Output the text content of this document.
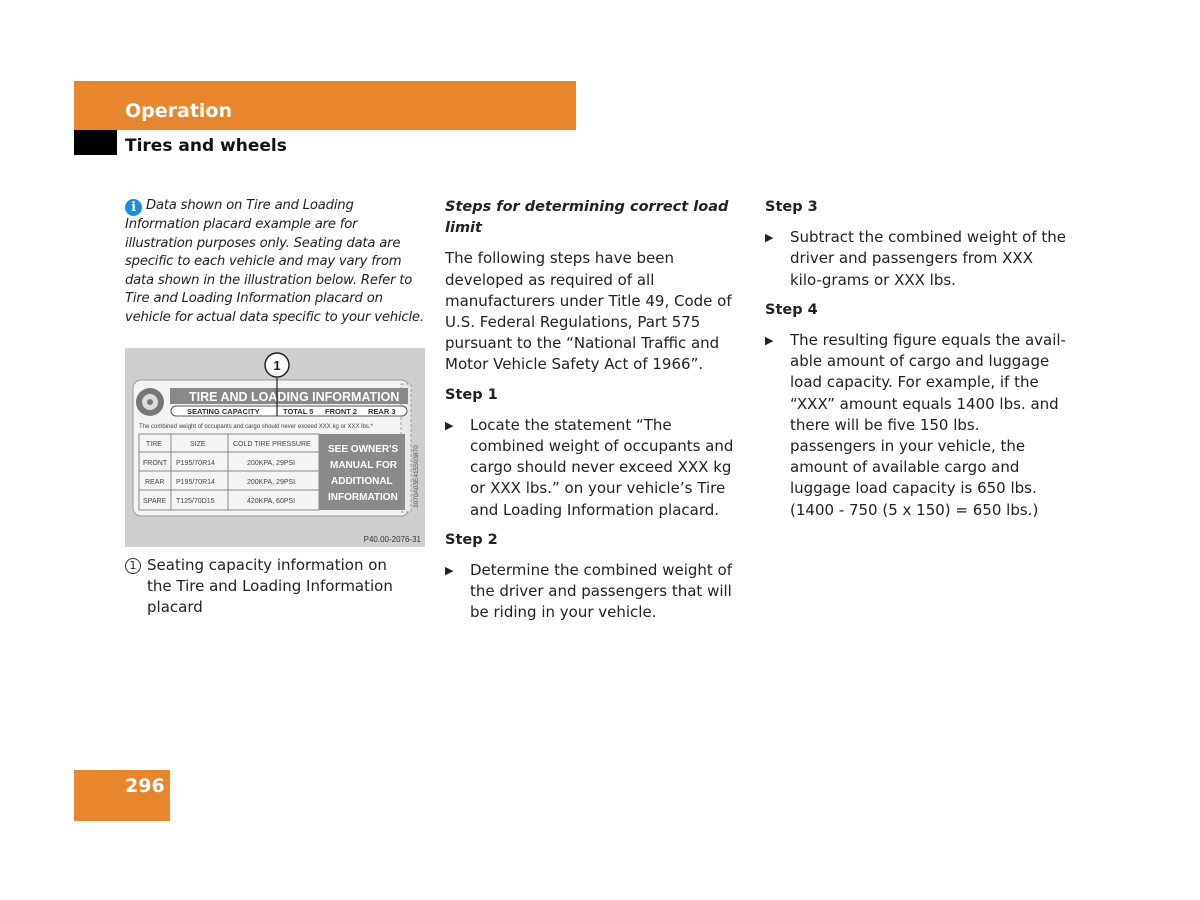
Operation
Tires and wheels
i Data shown on Tire and Loading Information placard example are for illustration purposes only. Seating data are specific to each vehicle and may vary from data shown in the illustration below. Refer to Tire and Loading Information placard on vehicle for actual data specific to your vehicle.
TIRE AND LOADING INFORMATION
SEATING CAPACITY	TOTAL 5 FRONT 2 REAR 3
The combined weight of occupants and cargo should never exceed XXX kg or XXX lbs.*
TIRE	SIZE	COLD TIRE PRESSURE
FRONT P195/70R14	200KPA, 29PSI
REAR P195/70R14	200KPA, 29PSI
SPARE T125/70D15	420KPA, 60PSI
SEE OWNER'S
MANUAL FOR
ADDITIONAL
INFORMATION 3070A03E415503870
1
P40.00-2076-31
1 Seating capacity information on the Tire and Loading Information placard
Steps for determining correct load limit
The following steps have been developed as required of all manufacturers under Title 49, Code of U.S. Federal Regulations, Part 575 pursuant to the “National Traffic and Motor Vehicle Safety Act of 1966”.
Step 1
▶ Locate the statement “The combined weight of occupants and cargo should never exceed XXX kg or XXX lbs.” on your vehicle’s Tire and Loading Information placard.
Step 2
▶ Determine the combined weight of the driver and passengers that will be riding in your vehicle.
Step 3
▶ Subtract the combined weight of the driver and passengers from XXX kilo-grams or XXX lbs.
Step 4
▶ The resulting figure equals the avail-able amount of cargo and luggage load capacity. For example, if the “XXX” amount equals 1400 lbs. and there will be five 150 lbs. passengers in your vehicle, the amount of available cargo and luggage load capacity is 650 lbs. (1400 - 750 (5 x 150) = 650 lbs.)
296
